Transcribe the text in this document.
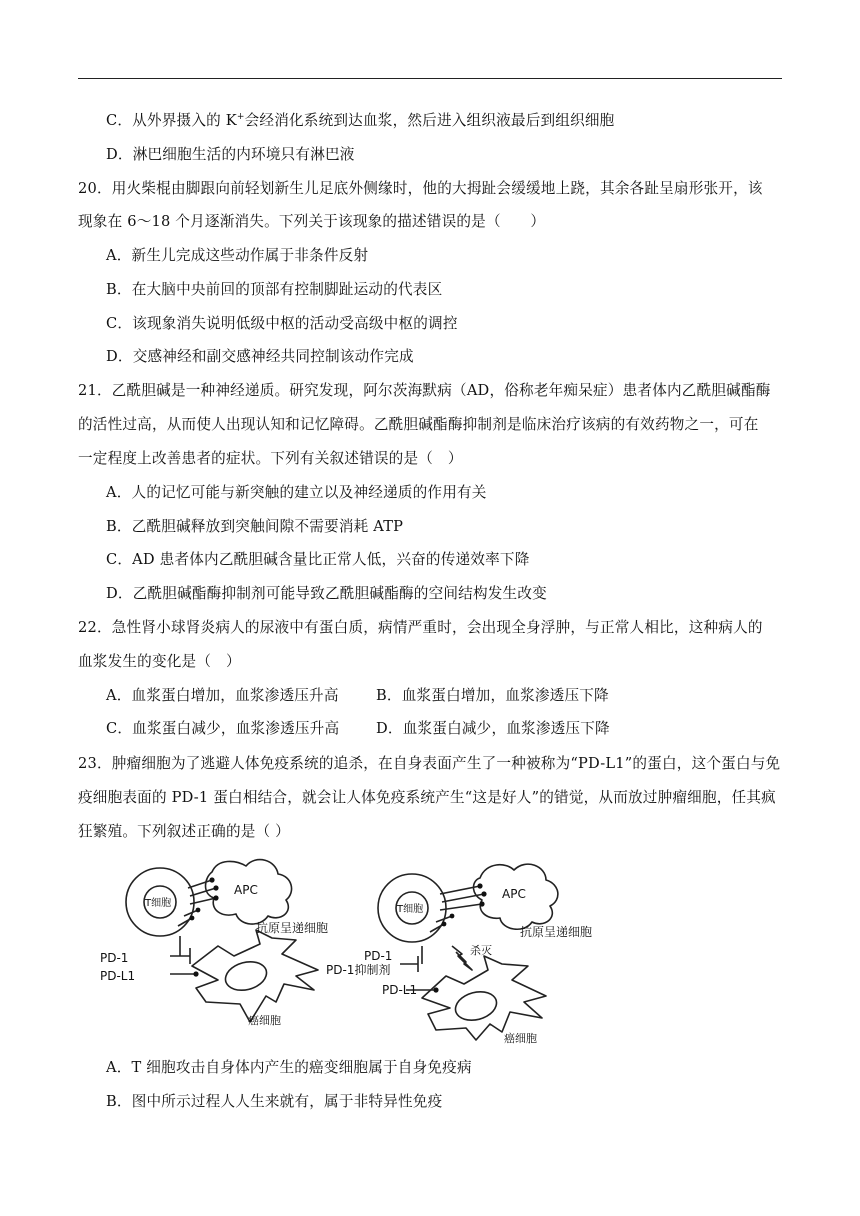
C．从外界摄入的 K+会经消化系统到达血浆，然后进入组织液最后到组织细胞
D．淋巴细胞生活的内环境只有淋巴液
20．用火柴棍由脚跟向前轻划新生儿足底外侧缘时，他的大拇趾会缓缓地上跷，其余各趾呈扇形张开，该
现象在 6～18 个月逐渐消失。下列关于该现象的描述错误的是（　　）
A．新生儿完成这些动作属于非条件反射
B．在大脑中央前回的顶部有控制脚趾运动的代表区
C．该现象消失说明低级中枢的活动受高级中枢的调控
D．交感神经和副交感神经共同控制该动作完成
21．乙酰胆碱是一种神经递质。研究发现，阿尔茨海默病（AD，俗称老年痴呆症）患者体内乙酰胆碱酯酶
的活性过高，从而使人出现认知和记忆障碍。乙酰胆碱酯酶抑制剂是临床治疗该病的有效药物之一，可在
一定程度上改善患者的症状。下列有关叙述错误的是（　）
A．人的记忆可能与新突触的建立以及神经递质的作用有关
B．乙酰胆碱释放到突触间隙不需要消耗 ATP
C．AD 患者体内乙酰胆碱含量比正常人低，兴奋的传递效率下降
D．乙酰胆碱酯酶抑制剂可能导致乙酰胆碱酯酶的空间结构发生改变
22．急性肾小球肾炎病人的尿液中有蛋白质，病情严重时，会出现全身浮肿，与正常人相比，这种病人的
血浆发生的变化是（　）
A．血浆蛋白增加，血浆渗透压升高	B．血浆蛋白增加，血浆渗透压下降
C．血浆蛋白减少，血浆渗透压升高	D．血浆蛋白减少，血浆渗透压下降
23．肿瘤细胞为了逃避人体免疫系统的追杀，在自身表面产生了一种被称为“PD-L1”的蛋白，这个蛋白与免
疫细胞表面的 PD-1 蛋白相结合，就会让人体免疫系统产生“这是好人”的错觉，从而放过肿瘤细胞，任其疯
狂繁殖。下列叙述正确的是（ ）
T细胞
APC
抗原呈递细胞
PD-1
PD-L1
癌细胞
T细胞
APC
抗原呈递细胞
PD-1
PD-1抑制剂
杀灭
PD-L1
癌细胞
A．T 细胞攻击自身体内产生的癌变细胞属于自身免疫病
B．图中所示过程人人生来就有，属于非特异性免疫
